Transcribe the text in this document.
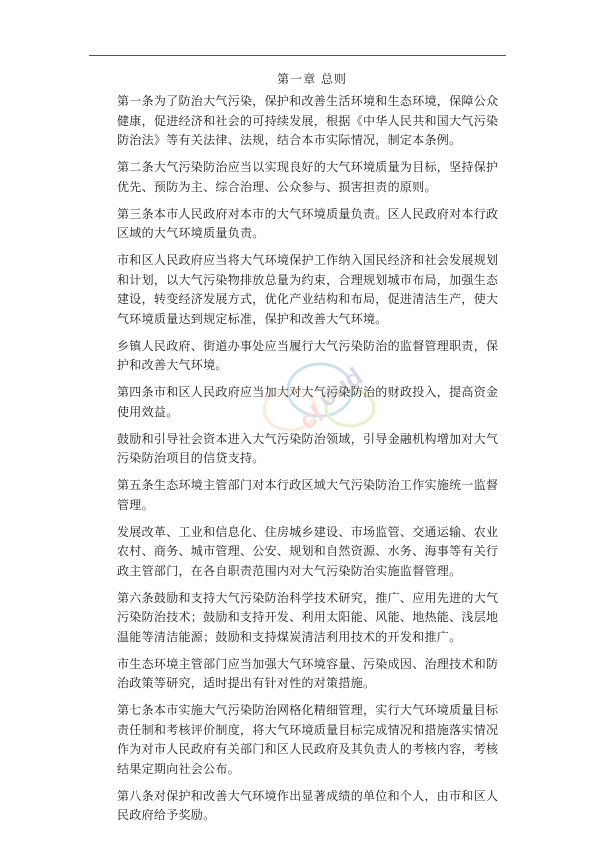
第一章 总则

第一条为了防治大气污染，保护和改善生活环境和生态环境，保障公众健康，促进经济和社会的可持续发展，根据《中华人民共和国大气污染防治法》等有关法律、法规，结合本市实际情况，制定本条例。

第二条大气污染防治应当以实现良好的大气环境质量为目标，坚持保护优先、预防为主、综合治理、公众参与、损害担责的原则。

第三条本市人民政府对本市的大气环境质量负责。区人民政府对本行政区域的大气环境质量负责。

市和区人民政府应当将大气环境保护工作纳入国民经济和社会发展规划和计划，以大气污染物排放总量为约束，合理规划城市布局，加强生态建设，转变经济发展方式，优化产业结构和布局，促进清洁生产，使大气环境质量达到规定标准，保护和改善大气环境。

乡镇人民政府、街道办事处应当履行大气污染防治的监督管理职责，保护和改善大气环境。

第四条市和区人民政府应当加大对大气污染防治的财政投入，提高资金使用效益。

鼓励和引导社会资本进入大气污染防治领域，引导金融机构增加对大气污染防治项目的信贷支持。

第五条生态环境主管部门对本行政区域大气污染防治工作实施统一监督管理。

发展改革、工业和信息化、住房城乡建设、市场监管、交通运输、农业农村、商务、城市管理、公安、规划和自然资源、水务、海事等有关行政主管部门，在各自职责范围内对大气污染防治实施监督管理。

第六条鼓励和支持大气污染防治科学技术研究，推广、应用先进的大气污染防治技术；鼓励和支持开发、利用太阳能、风能、地热能、浅层地温能等清洁能源；鼓励和支持煤炭清洁利用技术的开发和推广。

市生态环境主管部门应当加强大气环境容量、污染成因、治理技术和防治政策等研究，适时提出有针对性的对策措施。

第七条本市实施大气污染防治网格化精细管理，实行大气环境质量目标责任制和考核评价制度，将大气环境质量目标完成情况和措施落实情况作为对市人民政府有关部门和区人民政府及其负责人的考核内容，考核结果定期向社会公布。

第八条对保护和改善大气环境作出显著成绩的单位和个人，由市和区人民政府给予奖励。

cl
oud
